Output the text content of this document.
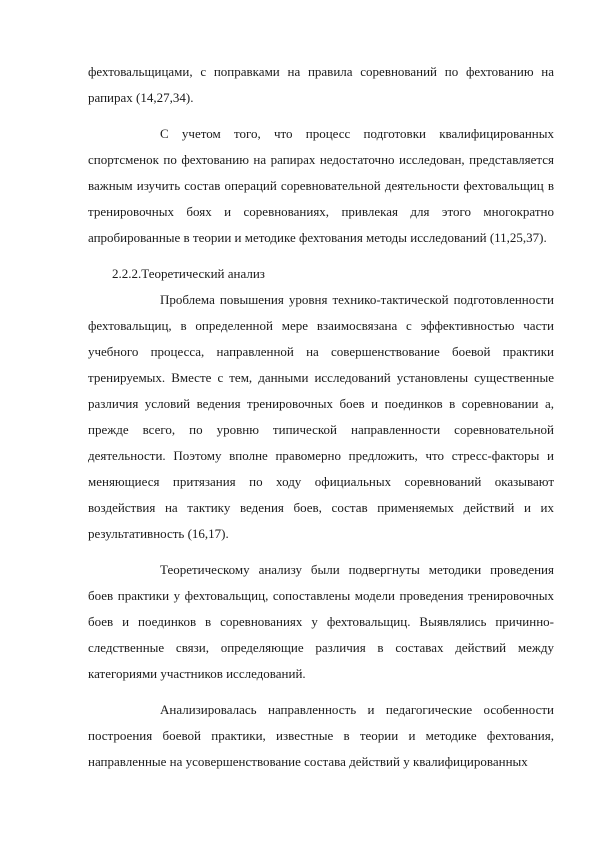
фехтовальщицами, с поправками на правила соревнований по фехтованию на рапирах (14,27,34).

С учетом того, что процесс подготовки квалифицированных спортсменок по фехтованию на рапирах недостаточно исследован, представляется важным изучить состав операций соревновательной деятельности фехтовальщиц в тренировочных боях и соревнованиях, привлекая для этого многократно апробированные в теории и методике фехтования методы исследований (11,25,37).

2.2.2.Теоретический анализ

Проблема повышения уровня технико-тактической подготовленности фехтовальщиц, в определенной мере взаимосвязана с эффективностью части учебного процесса, направленной на совершенствование боевой практики тренируемых. Вместе с тем, данными исследований установлены существенные различия условий ведения тренировочных боев и поединков в соревновании а, прежде всего, по уровню типической направленности соревновательной деятельности. Поэтому вполне правомерно предложить, что стресс-факторы и меняющиеся притязания по ходу официальных соревнований оказывают воздействия на тактику ведения боев, состав применяемых действий и их результативность (16,17).

Теоретическому анализу были подвергнуты методики проведения боев практики у фехтовальщиц, сопоставлены модели проведения тренировочных боев и поединков в соревнованиях у фехтовальщиц. Выявлялись причинно-следственные связи, определяющие различия в составах действий между категориями участников исследований.

Анализировалась направленность и педагогические особенности построения боевой практики, известные в теории и методике фехтования, направленные на усовершенствование состава действий у квалифицированных
